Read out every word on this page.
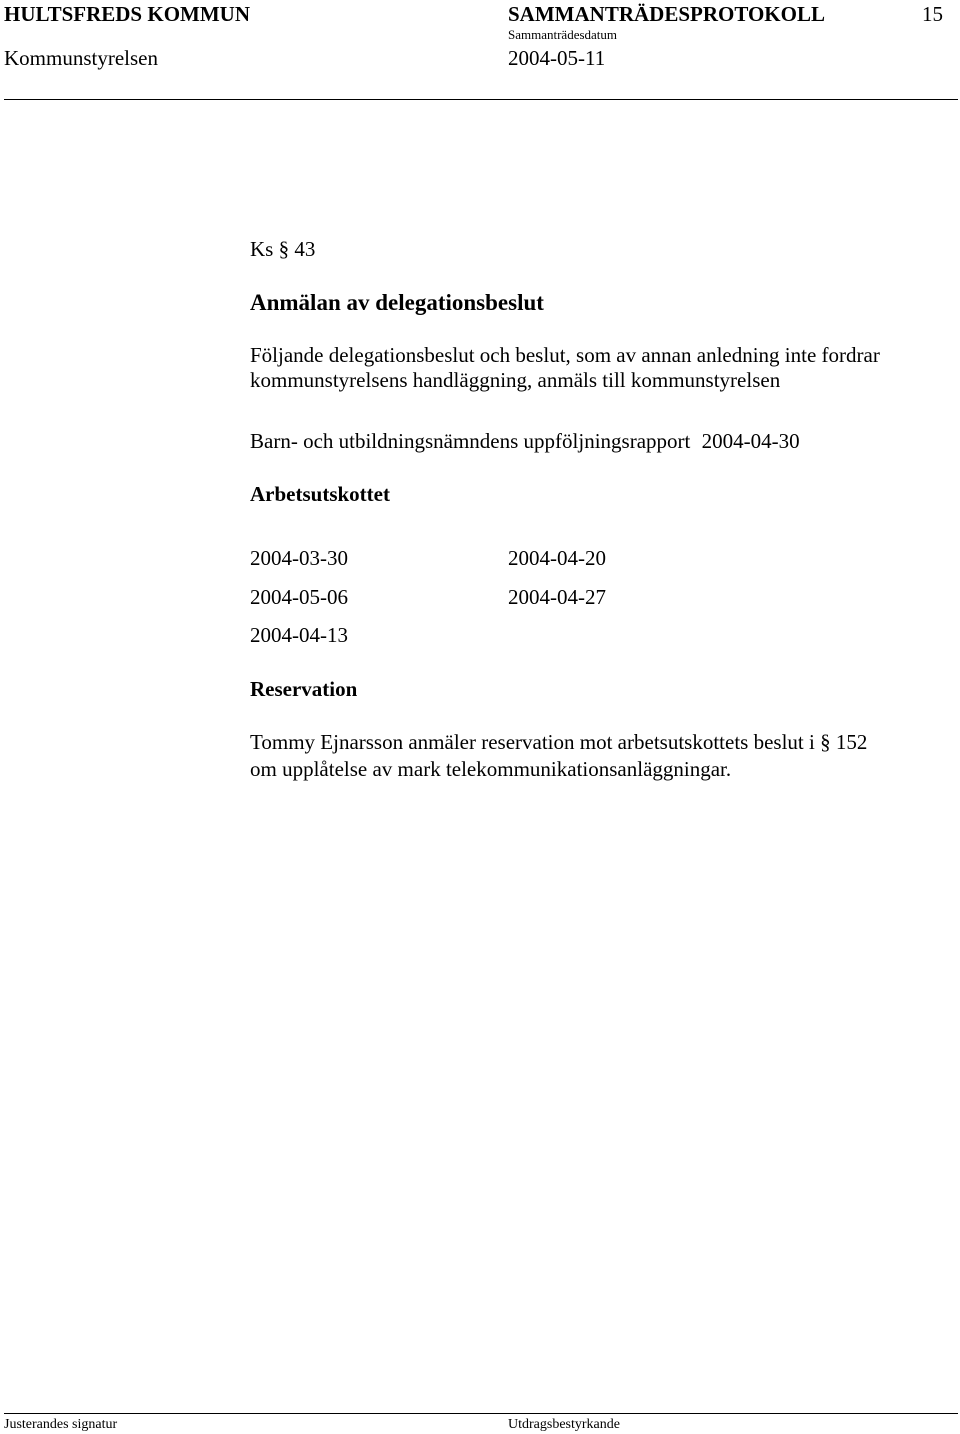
HULTSFREDS KOMMUN	SAMMANTRÄDESPROTOKOLL	15
Sammanträdesdatum
Kommunstyrelsen	2004-05-11
Ks § 43
Anmälan av delegationsbeslut
Följande delegationsbeslut och beslut, som av annan anledning inte fordrar
kommunstyrelsens handläggning, anmäls till kommunstyrelsen
Barn- och utbildningsnämndens uppföljningsrapport 2004-04-30
Arbetsutskottet
2004-03-30	2004-04-20
2004-05-06	2004-04-27
2004-04-13
Reservation
Tommy Ejnarsson anmäler reservation mot arbetsutskottets beslut i § 152
om upplåtelse av mark telekommunikationsanläggningar.
Justerandes signatur	Utdragsbestyrkande
